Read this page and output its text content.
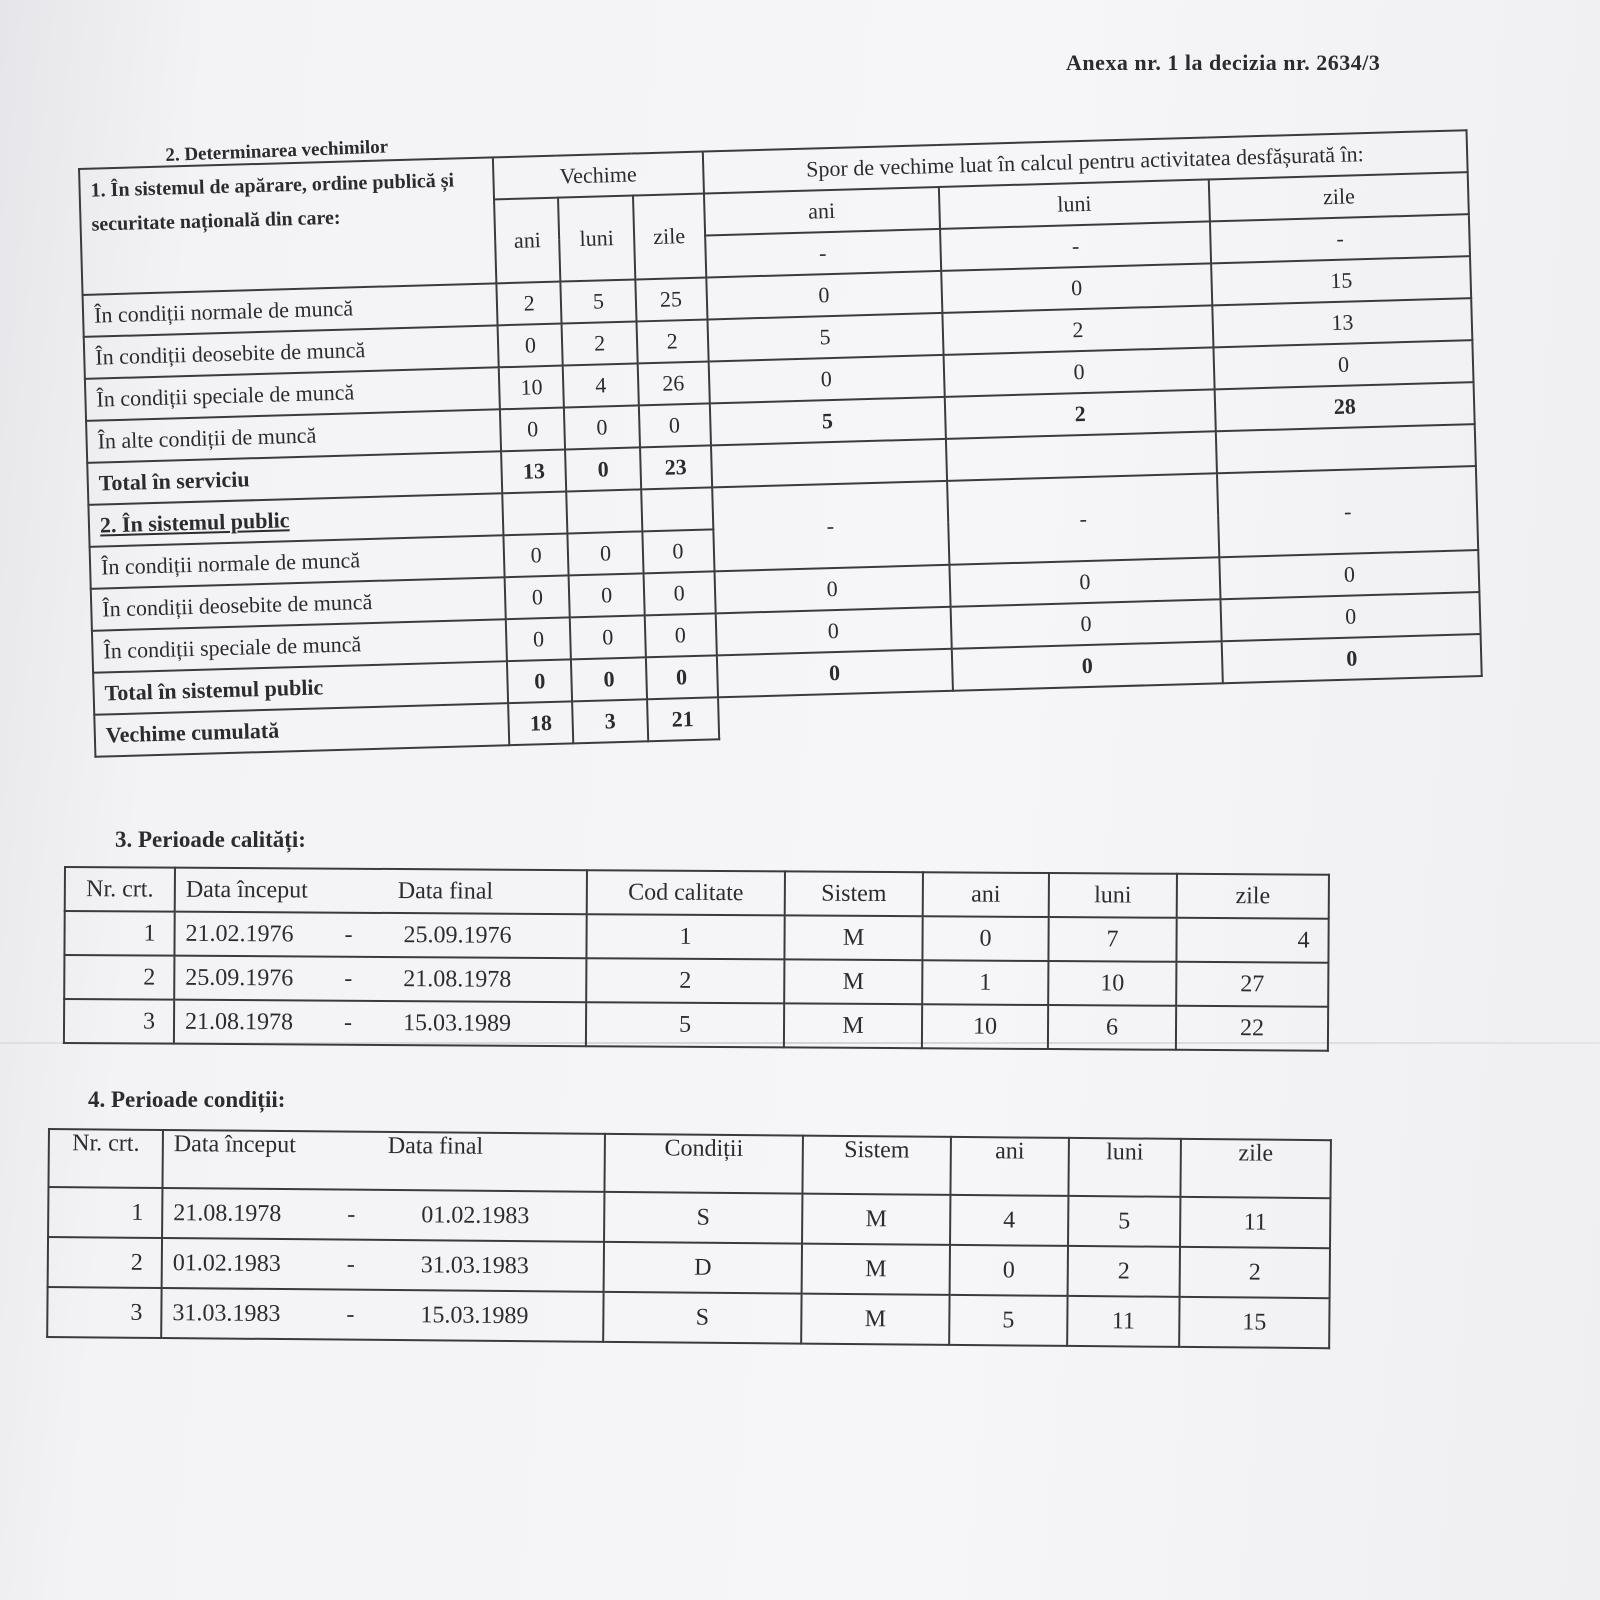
Anexa nr. 1 la decizia nr. 2634/3
2. Determinarea vechimilor
1. În sistemul de apărare, ordine publică și securitate națională din care:	Vechime			Spor de vechime luat în calcul pentru activitatea desfășurată în:		
	ani	luni	zile	ani	luni	zile
				-	-	-
În condiții normale de muncă	2	5	25	0	0	15
În condiții deosebite de muncă	0	2	2	5	2	13
În condiții speciale de muncă	10	4	26	0	0	0
În alte condiții de muncă	0	0	0	5	2	28
Total în serviciu	13	0	23			
2. În sistemul public				-	-	-
În condiții normale de muncă	0	0	0			
În condiții deosebite de muncă	0	0	0	0	0	0
În condiții speciale de muncă	0	0	0	0	0	0
Total în sistemul public	0	0	0	0	0	0
Vechime cumulată	18	3	21			
3. Perioade calități:
Nr. crt.	Data început Data final	Cod calitate	Sistem	ani	luni	zile
1	21.02.1976 - 25.09.1976	1	M	0	7	4
2	25.09.1976 - 21.08.1978	2	M	1	10	27
3	21.08.1978 - 15.03.1989	5	M	10	6	22
4. Perioade condiții:
Nr. crt.	Data început Data final	Condiții	Sistem	ani	luni	zile
1	21.08.1978 - 01.02.1983	S	M	4	5	11
2	01.02.1983 - 31.03.1983	D	M	0	2	2
3	31.03.1983 - 15.03.1989	S	M	5	11	15
